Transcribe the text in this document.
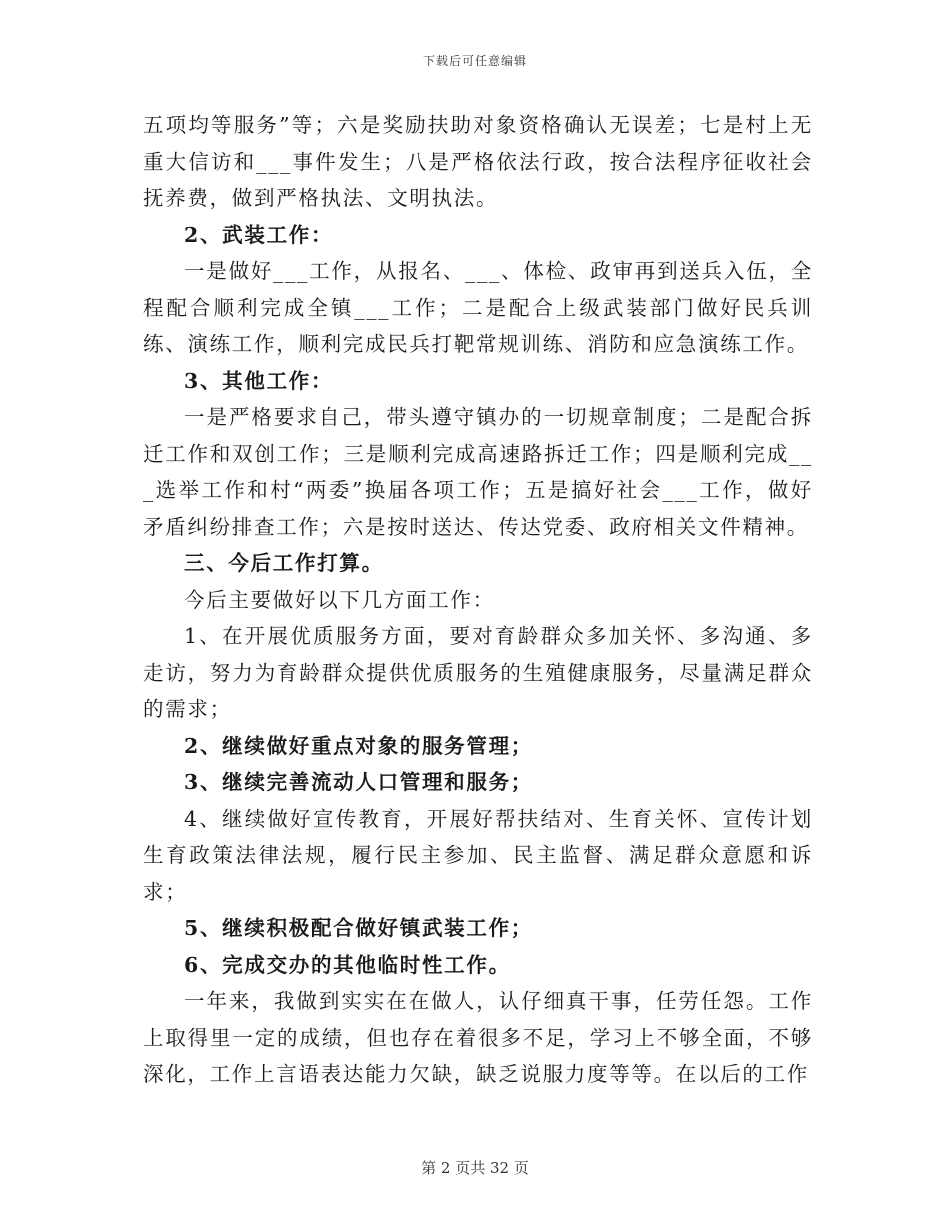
下载后可任意编辑

五项均等服务”等；六是奖励扶助对象资格确认无误差；七是村上无重大信访和___事件发生；八是严格依法行政，按合法程序征收社会抚养费，做到严格执法、文明执法。

2、武装工作：

一是做好___工作，从报名、___、体检、政审再到送兵入伍，全程配合顺利完成全镇___工作；二是配合上级武装部门做好民兵训练、演练工作，顺利完成民兵打靶常规训练、消防和应急演练工作。

3、其他工作：

一是严格要求自己，带头遵守镇办的一切规章制度；二是配合拆迁工作和双创工作；三是顺利完成高速路拆迁工作；四是顺利完成___选举工作和村“两委”换届各项工作；五是搞好社会___工作，做好矛盾纠纷排查工作；六是按时送达、传达党委、政府相关文件精神。

三、今后工作打算。

今后主要做好以下几方面工作：

1、在开展优质服务方面，要对育龄群众多加关怀、多沟通、多走访，努力为育龄群众提供优质服务的生殖健康服务，尽量满足群众的需求；

2、继续做好重点对象的服务管理；

3、继续完善流动人口管理和服务；

4、继续做好宣传教育，开展好帮扶结对、生育关怀、宣传计划生育政策法律法规，履行民主参加、民主监督、满足群众意愿和诉求；

5、继续积极配合做好镇武装工作；

6、完成交办的其他临时性工作。

一年来，我做到实实在在做人，认仔细真干事，任劳任怨。工作上取得里一定的成绩，但也存在着很多不足，学习上不够全面，不够深化，工作上言语表达能力欠缺，缺乏说服力度等等。在以后的工作

第 2 页共 32 页
